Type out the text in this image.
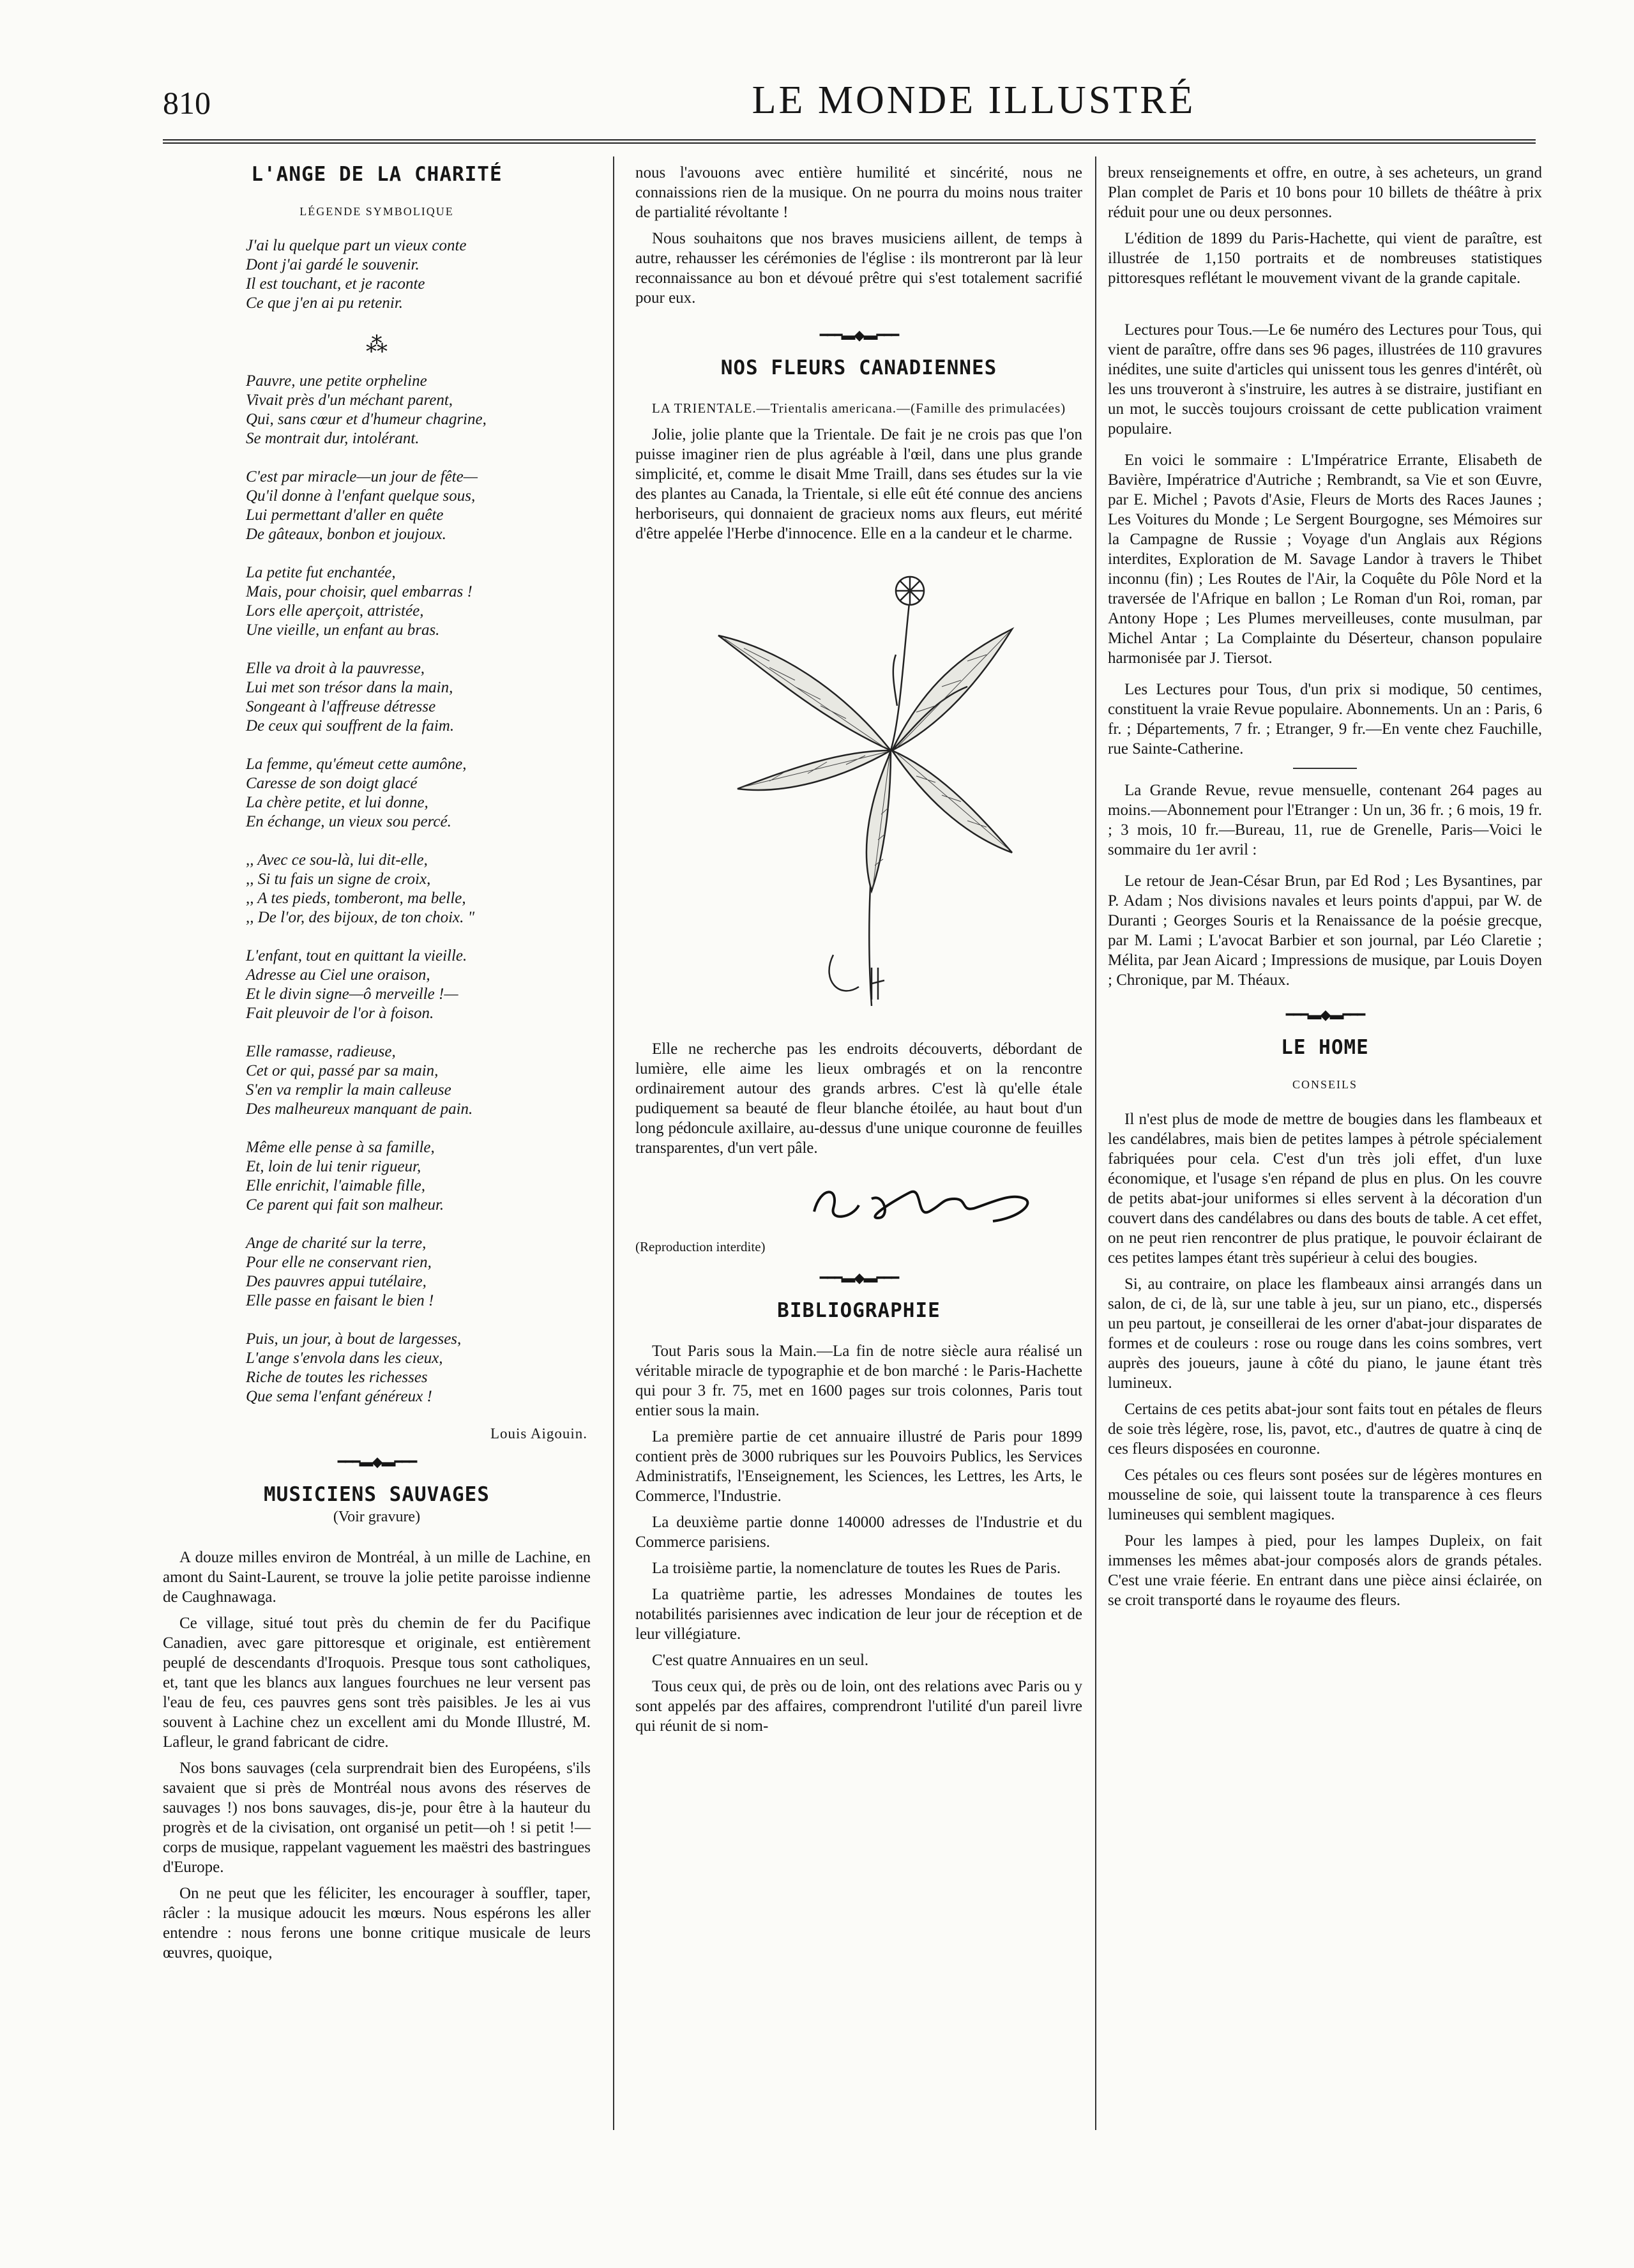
810	LE MONDE ILLUSTRÉ
L'ANGE DE LA CHARITÉ
LÉGENDE SYMBOLIQUE
J'ai lu quelque part un vieux conte
Dont j'ai gardé le souvenir.
Il est touchant, et je raconte
Ce que j'en ai pu retenir.
⁂
Pauvre, une petite orpheline
Vivait près d'un méchant parent,
Qui, sans cœur et d'humeur chagrine,
Se montrait dur, intolérant.
C'est par miracle—un jour de fête—
Qu'il donne à l'enfant quelque sous,
Lui permettant d'aller en quête
De gâteaux, bonbon et joujoux.
La petite fut enchantée,
Mais, pour choisir, quel embarras !
Lors elle aperçoit, attristée,
Une vieille, un enfant au bras.
Elle va droit à la pauvresse,
Lui met son trésor dans la main,
Songeant à l'affreuse détresse
De ceux qui souffrent de la faim.
La femme, qu'émeut cette aumône,
Caresse de son doigt glacé
La chère petite, et lui donne,
En échange, un vieux sou percé.
,, Avec ce sou-là, lui dit-elle,
,, Si tu fais un signe de croix,
,, A tes pieds, tomberont, ma belle,
,, De l'or, des bijoux, de ton choix. "
L'enfant, tout en quittant la vieille.
Adresse au Ciel une oraison,
Et le divin signe—ô merveille !—
Fait pleuvoir de l'or à foison.
Elle ramasse, radieuse,
Cet or qui, passé par sa main,
S'en va remplir la main calleuse
Des malheureux manquant de pain.
Même elle pense à sa famille,
Et, loin de lui tenir rigueur,
Elle enrichit, l'aimable fille,
Ce parent qui fait son malheur.
Ange de charité sur la terre,
Pour elle ne conservant rien,
Des pauvres appui tutélaire,
Elle passe en faisant le bien !
Puis, un jour, à bout de largesses,
L'ange s'envola dans les cieux,
Riche de toutes les richesses
Que sema l'enfant généreux !
Louis Aigouin.
━━━▬◆▬━━━
MUSICIENS SAUVAGES
(Voir gravure)

A douze milles environ de Montréal, à un mille de Lachine, en amont du Saint-Laurent, se trouve la jolie petite paroisse indienne de Caughnawaga.

Ce village, situé tout près du chemin de fer du Pacifique Canadien, avec gare pittoresque et originale, est entièrement peuplé de descendants d'Iroquois. Presque tous sont catholiques, et, tant que les blancs aux langues fourchues ne leur versent pas l'eau de feu, ces pauvres gens sont très paisibles. Je les ai vus souvent à Lachine chez un excellent ami du Monde Illustré, M. Lafleur, le grand fabricant de cidre.

Nos bons sauvages (cela surprendrait bien des Européens, s'ils savaient que si près de Montréal nous avons des réserves de sauvages !) nos bons sauvages, dis-je, pour être à la hauteur du progrès et de la civisation, ont organisé un petit—oh ! si petit !—corps de musique, rappelant vaguement les maëstri des bastringues d'Europe.

On ne peut que les féliciter, les encourager à souffler, taper, râcler : la musique adoucit les mœurs. Nous espérons les aller entendre : nous ferons une bonne critique musicale de leurs œuvres, quoique,

nous l'avouons avec entière humilité et sincérité, nous ne connaissions rien de la musique. On ne pourra du moins nous traiter de partialité révoltante !

Nous souhaitons que nos braves musiciens aillent, de temps à autre, rehausser les cérémonies de l'église : ils montreront par là leur reconnaissance au bon et dévoué prêtre qui s'est totalement sacrifié pour eux.

━━━▬◆▬━━━
NOS FLEURS CANADIENNES

LA TRIENTALE.—Trientalis americana.—(Famille des primulacées)

Jolie, jolie plante que la Trientale. De fait je ne crois pas que l'on puisse imaginer rien de plus agréable à l'œil, dans une plus grande simplicité, et, comme le disait Mme Traill, dans ses études sur la vie des plantes au Canada, la Trientale, si elle eût été connue des anciens herboriseurs, qui donnaient de gracieux noms aux fleurs, eut mérité d'être appelée l'Herbe d'innocence. Elle en a la candeur et le charme.

Elle ne recherche pas les endroits découverts, débordant de lumière, elle aime les lieux ombragés et on la rencontre ordinairement autour des grands arbres. C'est là qu'elle étale pudiquement sa beauté de fleur blanche étoilée, au haut bout d'un long pédoncule axillaire, au-dessus d'une unique couronne de feuilles transparentes, d'un vert pâle.

(Reproduction interdite)

━━━▬◆▬━━━
BIBLIOGRAPHIE

Tout Paris sous la Main.—La fin de notre siècle aura réalisé un véritable miracle de typographie et de bon marché : le Paris-Hachette qui pour 3 fr. 75, met en 1600 pages sur trois colonnes, Paris tout entier sous la main.

La première partie de cet annuaire illustré de Paris pour 1899 contient près de 3000 rubriques sur les Pouvoirs Publics, les Services Administratifs, l'Enseignement, les Sciences, les Lettres, les Arts, le Commerce, l'Industrie.

La deuxième partie donne 140000 adresses de l'Industrie et du Commerce parisiens.

La troisième partie, la nomenclature de toutes les Rues de Paris.

La quatrième partie, les adresses Mondaines de toutes les notabilités parisiennes avec indication de leur jour de réception et de leur villégiature.

C'est quatre Annuaires en un seul.

Tous ceux qui, de près ou de loin, ont des relations avec Paris ou y sont appelés par des affaires, comprendront l'utilité d'un pareil livre qui réunit de si nom-

breux renseignements et offre, en outre, à ses acheteurs, un grand Plan complet de Paris et 10 bons pour 10 billets de théâtre à prix réduit pour une ou deux personnes.

L'édition de 1899 du Paris-Hachette, qui vient de paraître, est illustrée de 1,150 portraits et de nombreuses statistiques pittoresques reflétant le mouvement vivant de la grande capitale.

Lectures pour Tous.—Le 6e numéro des Lectures pour Tous, qui vient de paraître, offre dans ses 96 pages, illustrées de 110 gravures inédites, une suite d'articles qui unissent tous les genres d'intérêt, où les uns trouveront à s'instruire, les autres à se distraire, justifiant en un mot, le succès toujours croissant de cette publication vraiment populaire.

En voici le sommaire : L'Impératrice Errante, Elisabeth de Bavière, Impératrice d'Autriche ; Rembrandt, sa Vie et son Œuvre, par E. Michel ; Pavots d'Asie, Fleurs de Morts des Races Jaunes ; Les Voitures du Monde ; Le Sergent Bourgogne, ses Mémoires sur la Campagne de Russie ; Voyage d'un Anglais aux Régions interdites, Exploration de M. Savage Landor à travers le Thibet inconnu (fin) ; Les Routes de l'Air, la Coquête du Pôle Nord et la traversée de l'Afrique en ballon ; Le Roman d'un Roi, roman, par Antony Hope ; Les Plumes merveilleuses, conte musulman, par Michel Antar ; La Complainte du Déserteur, chanson populaire harmonisée par J. Tiersot.

Les Lectures pour Tous, d'un prix si modique, 50 centimes, constituent la vraie Revue populaire. Abonnements. Un an : Paris, 6 fr. ; Départements, 7 fr. ; Etranger, 9 fr.—En vente chez Fauchille, rue Sainte-Catherine.

La Grande Revue, revue mensuelle, contenant 264 pages au moins.—Abonnement pour l'Etranger : Un un, 36 fr. ; 6 mois, 19 fr. ; 3 mois, 10 fr.—Bureau, 11, rue de Grenelle, Paris—Voici le sommaire du 1er avril :

Le retour de Jean-César Brun, par Ed Rod ; Les Bysantines, par P. Adam ; Nos divisions navales et leurs points d'appui, par W. de Duranti ; Georges Souris et la Renaissance de la poésie grecque, par M. Lami ; L'avocat Barbier et son journal, par Léo Claretie ; Mélita, par Jean Aicard ; Impressions de musique, par Louis Doyen ; Chronique, par M. Théaux.

━━━▬◆▬━━━
LE HOME
CONSEILS

Il n'est plus de mode de mettre de bougies dans les flambeaux et les candélabres, mais bien de petites lampes à pétrole spécialement fabriquées pour cela. C'est d'un très joli effet, d'un luxe économique, et l'usage s'en répand de plus en plus. On les couvre de petits abat-jour uniformes si elles servent à la décoration d'un couvert dans des candélabres ou dans des bouts de table. A cet effet, on ne peut rien rencontrer de plus pratique, le pouvoir éclairant de ces petites lampes étant très supérieur à celui des bougies.

Si, au contraire, on place les flambeaux ainsi arrangés dans un salon, de ci, de là, sur une table à jeu, sur un piano, etc., dispersés un peu partout, je conseillerai de les orner d'abat-jour disparates de formes et de couleurs : rose ou rouge dans les coins sombres, vert auprès des joueurs, jaune à côté du piano, le jaune étant très lumineux.

Certains de ces petits abat-jour sont faits tout en pétales de fleurs de soie très légère, rose, lis, pavot, etc., d'autres de quatre à cinq de ces fleurs disposées en couronne.

Ces pétales ou ces fleurs sont posées sur de légères montures en mousseline de soie, qui laissent toute la transparence à ces fleurs lumineuses qui semblent magiques.

Pour les lampes à pied, pour les lampes Dupleix, on fait immenses les mêmes abat-jour composés alors de grands pétales. C'est une vraie féerie. En entrant dans une pièce ainsi éclairée, on se croit transporté dans le royaume des fleurs.
